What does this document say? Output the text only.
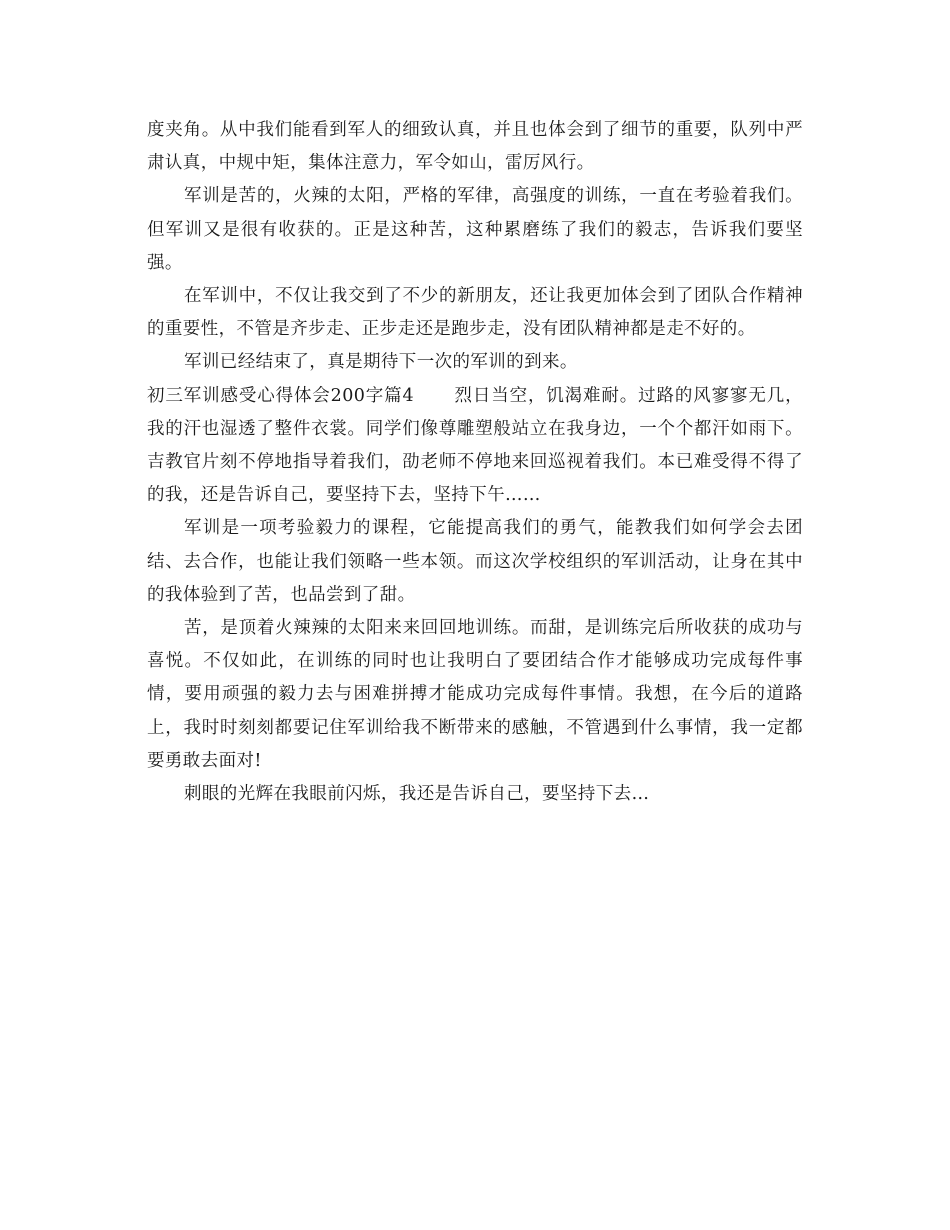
度夹角。从中我们能看到军人的细致认真，并且也体会到了细节的重要，队列中严肃认真，中规中矩，集体注意力，军令如山，雷厉风行。

军训是苦的，火辣的太阳，严格的军律，高强度的训练，一直在考验着我们。但军训又是很有收获的。正是这种苦，这种累磨练了我们的毅志，告诉我们要坚强。

在军训中，不仅让我交到了不少的新朋友，还让我更加体会到了团队合作精神的重要性，不管是齐步走、正步走还是跑步走，没有团队精神都是走不好的。

军训已经结束了，真是期待下一次的军训的到来。

初三军训感受心得体会200字篇4 烈日当空，饥渴难耐。过路的风寥寥无几，我的汗也湿透了整件衣裳。同学们像尊雕塑般站立在我身边，一个个都汗如雨下。吉教官片刻不停地指导着我们，劭老师不停地来回巡视着我们。本已难受得不得了的我，还是告诉自己，要坚持下去，坚持下午……

军训是一项考验毅力的课程，它能提高我们的勇气，能教我们如何学会去团结、去合作，也能让我们领略一些本领。而这次学校组织的军训活动，让身在其中的我体验到了苦，也品尝到了甜。

苦，是顶着火辣辣的太阳来来回回地训练。而甜，是训练完后所收获的成功与喜悦。不仅如此，在训练的同时也让我明白了要团结合作才能够成功完成每件事情，要用顽强的毅力去与困难拼搏才能成功完成每件事情。我想，在今后的道路上，我时时刻刻都要记住军训给我不断带来的感触，不管遇到什么事情，我一定都要勇敢去面对!

刺眼的光辉在我眼前闪烁，我还是告诉自己，要坚持下去…
